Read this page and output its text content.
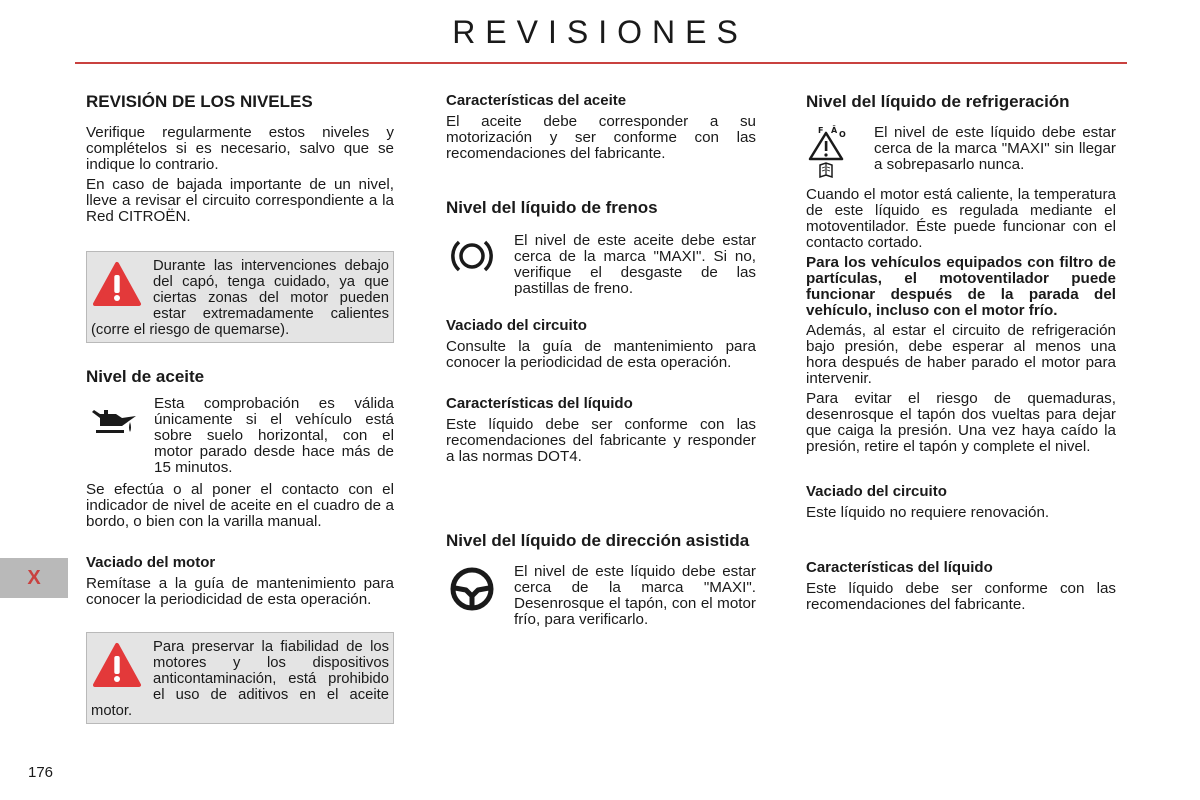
REVISIONES
REVISIÓN DE LOS NIVELES

Verifique regularmente estos niveles y complételos si es necesario, salvo que se indique lo contrario.

En caso de bajada importante de un nivel, lleve a revisar el circuito correspondiente a la Red CITROËN.

Durante las intervenciones debajo del capó, tenga cuidado, ya que ciertas zonas del motor pueden estar extremadamente calientes (corre el riesgo de quemarse).

Nivel de aceite

Esta comprobación es válida únicamente si el vehículo está sobre suelo horizontal, con el motor parado desde hace más de 15 minutos.

Se efectúa o al poner el contacto con el indicador de nivel de aceite en el cuadro de a bordo, o bien con la varilla manual.

Vaciado del motor

Remítase a la guía de mantenimiento para conocer la periodicidad de esta operación.

Para preservar la fiabilidad de los motores y los dispositivos anticontaminación, está prohibido el uso de aditivos en el aceite motor.

Características del aceite

El aceite debe corresponder a su motorización y ser conforme con las recomendaciones del fabricante.

Nivel del líquido de frenos

El nivel de este aceite debe estar cerca de la marca "MAXI". Si no, verifique el desgaste de las pastillas de freno.

Vaciado del circuito

Consulte la guía de mantenimiento para conocer la periodicidad de esta operación.

Características del líquido

Este líquido debe ser conforme con las recomendaciones del fabricante y responder a las normas DOT4.

Nivel del líquido de dirección asistida

El nivel de este líquido debe estar cerca de la marca "MAXI". Desenrosque el tapón, con el motor frío, para verificarlo.

Nivel del líquido de refrigeración
F Ā O El nivel de este líquido debe estar cerca de la marca "MAXI" sin llegar a sobrepasarlo nunca.

Cuando el motor está caliente, la temperatura de este líquido es regulada mediante el motoventilador. Éste puede funcionar con el contacto cortado.

Para los vehículos equipados con filtro de partículas, el motoventilador puede funcionar después de la parada del vehículo, incluso con el motor frío.

Además, al estar el circuito de refrigeración bajo presión, debe esperar al menos una hora después de haber parado el motor para intervenir.

Para evitar el riesgo de quemaduras, desenrosque el tapón dos vueltas para dejar que caiga la presión. Una vez haya caído la presión, retire el tapón y complete el nivel.

Vaciado del circuito

Este líquido no requiere renovación.

Características del líquido

Este líquido debe ser conforme con las recomendaciones del fabricante.

X
176
